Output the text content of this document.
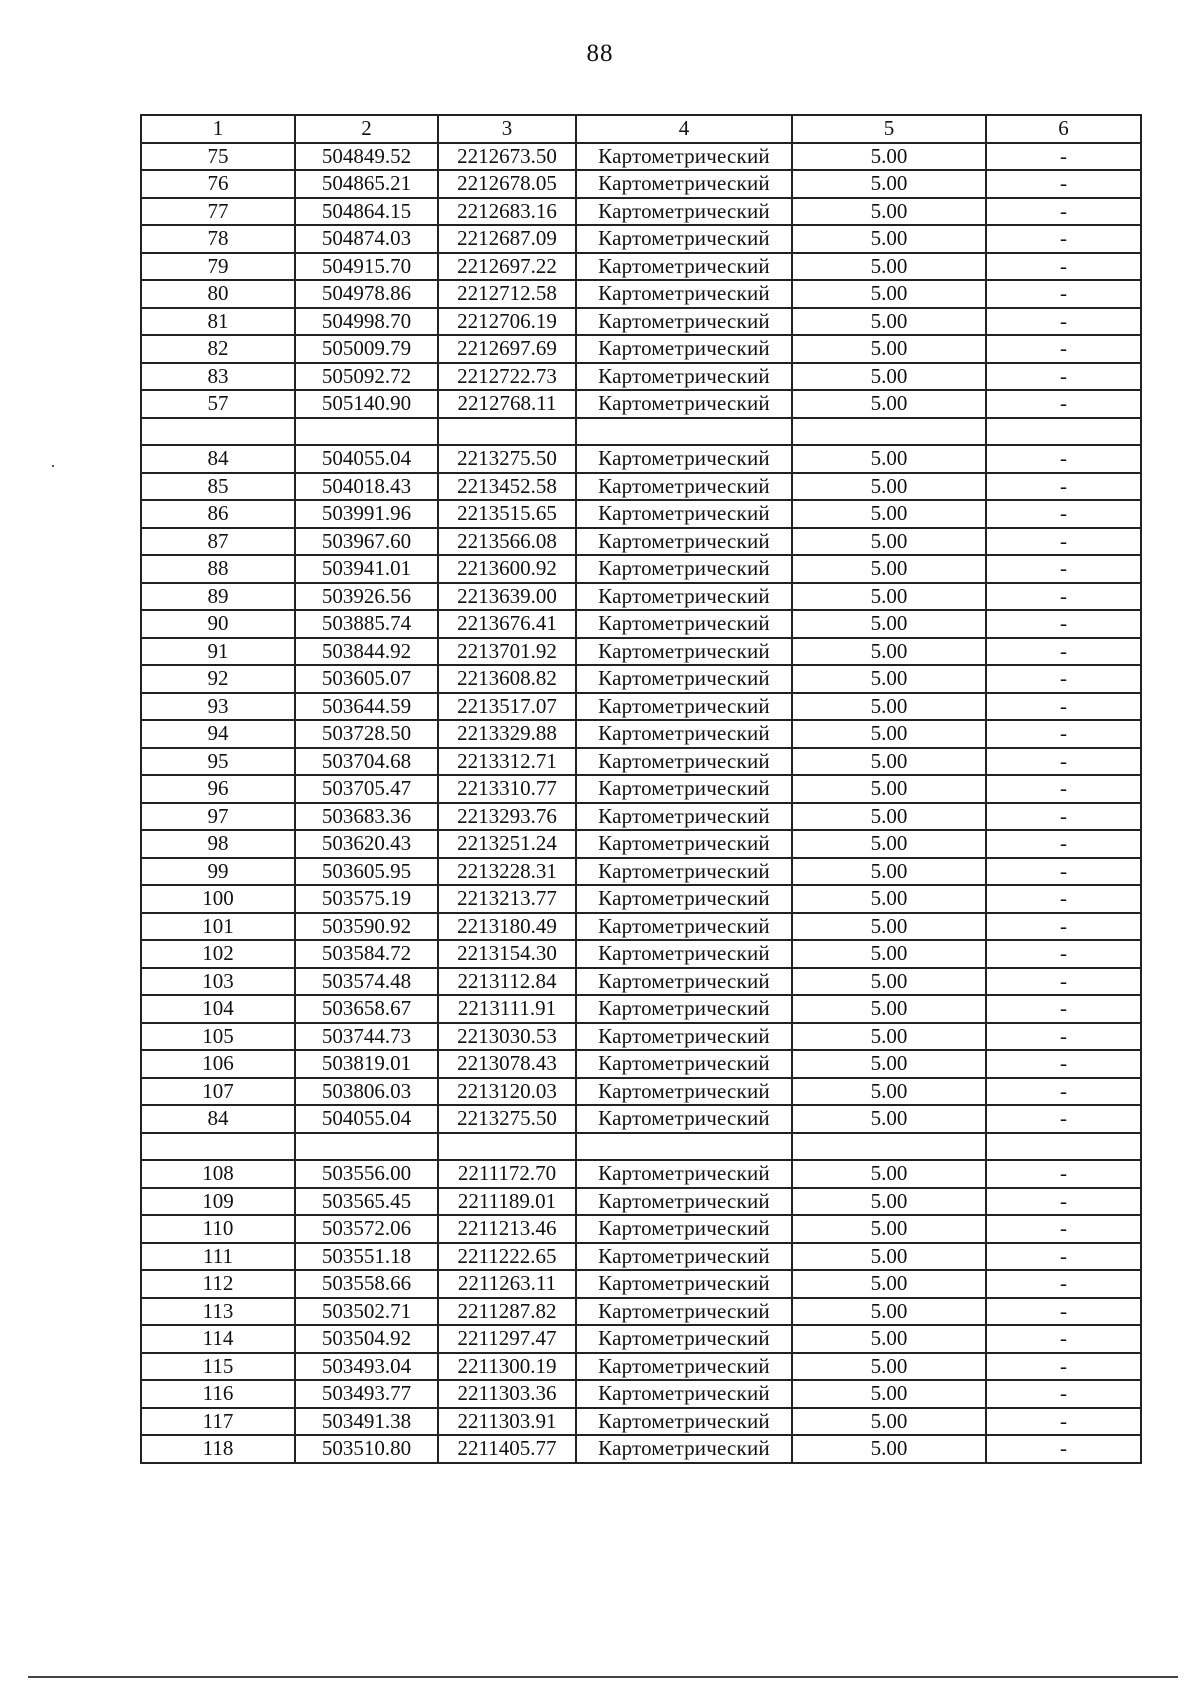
88
1	2	3	4	5	6
75	504849.52	2212673.50	Картометрический	5.00	-
76	504865.21	2212678.05	Картометрический	5.00	-
77	504864.15	2212683.16	Картометрический	5.00	-
78	504874.03	2212687.09	Картометрический	5.00	-
79	504915.70	2212697.22	Картометрический	5.00	-
80	504978.86	2212712.58	Картометрический	5.00	-
81	504998.70	2212706.19	Картометрический	5.00	-
82	505009.79	2212697.69	Картометрический	5.00	-
83	505092.72	2212722.73	Картометрический	5.00	-
57	505140.90	2212768.11	Картометрический	5.00	-

84	504055.04	2213275.50	Картометрический	5.00	-
85	504018.43	2213452.58	Картометрический	5.00	-
86	503991.96	2213515.65	Картометрический	5.00	-
87	503967.60	2213566.08	Картометрический	5.00	-
88	503941.01	2213600.92	Картометрический	5.00	-
89	503926.56	2213639.00	Картометрический	5.00	-
90	503885.74	2213676.41	Картометрический	5.00	-
91	503844.92	2213701.92	Картометрический	5.00	-
92	503605.07	2213608.82	Картометрический	5.00	-
93	503644.59	2213517.07	Картометрический	5.00	-
94	503728.50	2213329.88	Картометрический	5.00	-
95	503704.68	2213312.71	Картометрический	5.00	-
96	503705.47	2213310.77	Картометрический	5.00	-
97	503683.36	2213293.76	Картометрический	5.00	-
98	503620.43	2213251.24	Картометрический	5.00	-
99	503605.95	2213228.31	Картометрический	5.00	-
100	503575.19	2213213.77	Картометрический	5.00	-
101	503590.92	2213180.49	Картометрический	5.00	-
102	503584.72	2213154.30	Картометрический	5.00	-
103	503574.48	2213112.84	Картометрический	5.00	-
104	503658.67	2213111.91	Картометрический	5.00	-
105	503744.73	2213030.53	Картометрический	5.00	-
106	503819.01	2213078.43	Картометрический	5.00	-
107	503806.03	2213120.03	Картометрический	5.00	-
84	504055.04	2213275.50	Картометрический	5.00	-

108	503556.00	2211172.70	Картометрический	5.00	-
109	503565.45	2211189.01	Картометрический	5.00	-
110	503572.06	2211213.46	Картометрический	5.00	-
111	503551.18	2211222.65	Картометрический	5.00	-
112	503558.66	2211263.11	Картометрический	5.00	-
113	503502.71	2211287.82	Картометрический	5.00	-
114	503504.92	2211297.47	Картометрический	5.00	-
115	503493.04	2211300.19	Картометрический	5.00	-
116	503493.77	2211303.36	Картометрический	5.00	-
117	503491.38	2211303.91	Картометрический	5.00	-
118	503510.80	2211405.77	Картометрический	5.00	-
